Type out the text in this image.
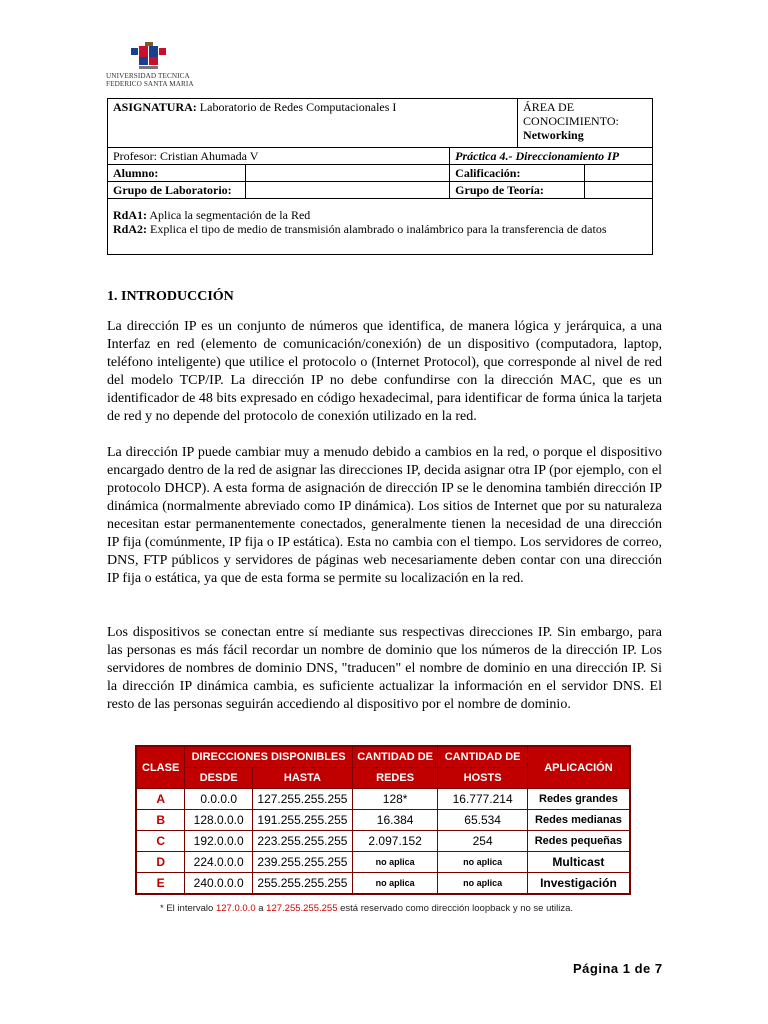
UNIVERSIDAD TECNICA
FEDERICO SANTA MARIA
ASIGNATURA: Laboratorio de Redes Computacionales I			ÁREA DE
CONOCIMIENTO:
Networking	

Profesor: Cristian Ahumada V		Práctica 4.- Direccionamiento IP		
Alumno:		Calificación:		
Grupo de Laboratorio:		Grupo de Teoría:		

RdA1: Aplica la segmentación de la Red
RdA2: Explica el tipo de medio de transmisión alambrado o inalámbrico para la transferencia de datos				
1. INTRODUCCIÓN

La dirección IP es un conjunto de números que identifica, de manera lógica y jerárquica, a una Interfaz en red (elemento de comunicación/conexión) de un dispositivo (computadora, laptop, teléfono inteligente) que utilice el protocolo o (Internet Protocol), que corresponde al nivel de red del modelo TCP/IP. La dirección IP no debe confundirse con la dirección MAC, que es un identificador de 48 bits expresado en código hexadecimal, para identificar de forma única la tarjeta de red y no depende del protocolo de conexión utilizado en la red.

La dirección IP puede cambiar muy a menudo debido a cambios en la red, o porque el dispositivo encargado dentro de la red de asignar las direcciones IP, decida asignar otra IP (por ejemplo, con el protocolo DHCP). A esta forma de asignación de dirección IP se le denomina también dirección IP dinámica (normalmente abreviado como IP dinámica). Los sitios de Internet que por su naturaleza necesitan estar permanentemente conectados, generalmente tienen la necesidad de una dirección IP fija (comúnmente, IP fija o IP estática). Esta no cambia con el tiempo. Los servidores de correo, DNS, FTP públicos y servidores de páginas web necesariamente deben contar con una dirección IP fija o estática, ya que de esta forma se permite su localización en la red.

Los dispositivos se conectan entre sí mediante sus respectivas direcciones IP. Sin embargo, para las personas es más fácil recordar un nombre de dominio que los números de la dirección IP. Los servidores de nombres de dominio DNS, "traducen" el nombre de dominio en una dirección IP. Si la dirección IP dinámica cambia, es suficiente actualizar la información en el servidor DNS. El resto de las personas seguirán accediendo al dispositivo por el nombre de dominio.

CLASE	DIRECCIONES DISPONIBLES		CANTIDAD DE	CANTIDAD DE	APLICACIÓN
	DESDE	HASTA	REDES	HOSTS	
A	0.0.0.0	127.255.255.255	128*	16.777.214	Redes grandes
B	128.0.0.0	191.255.255.255	16.384	65.534	Redes medianas
C	192.0.0.0	223.255.255.255	2.097.152	254	Redes pequeñas
D	224.0.0.0	239.255.255.255	no aplica	no aplica	Multicast
E	240.0.0.0	255.255.255.255	no aplica	no aplica	Investigación
* El intervalo 127.0.0.0 a 127.255.255.255 está reservado como dirección loopback y no se utiliza.
Página 1 de 7
